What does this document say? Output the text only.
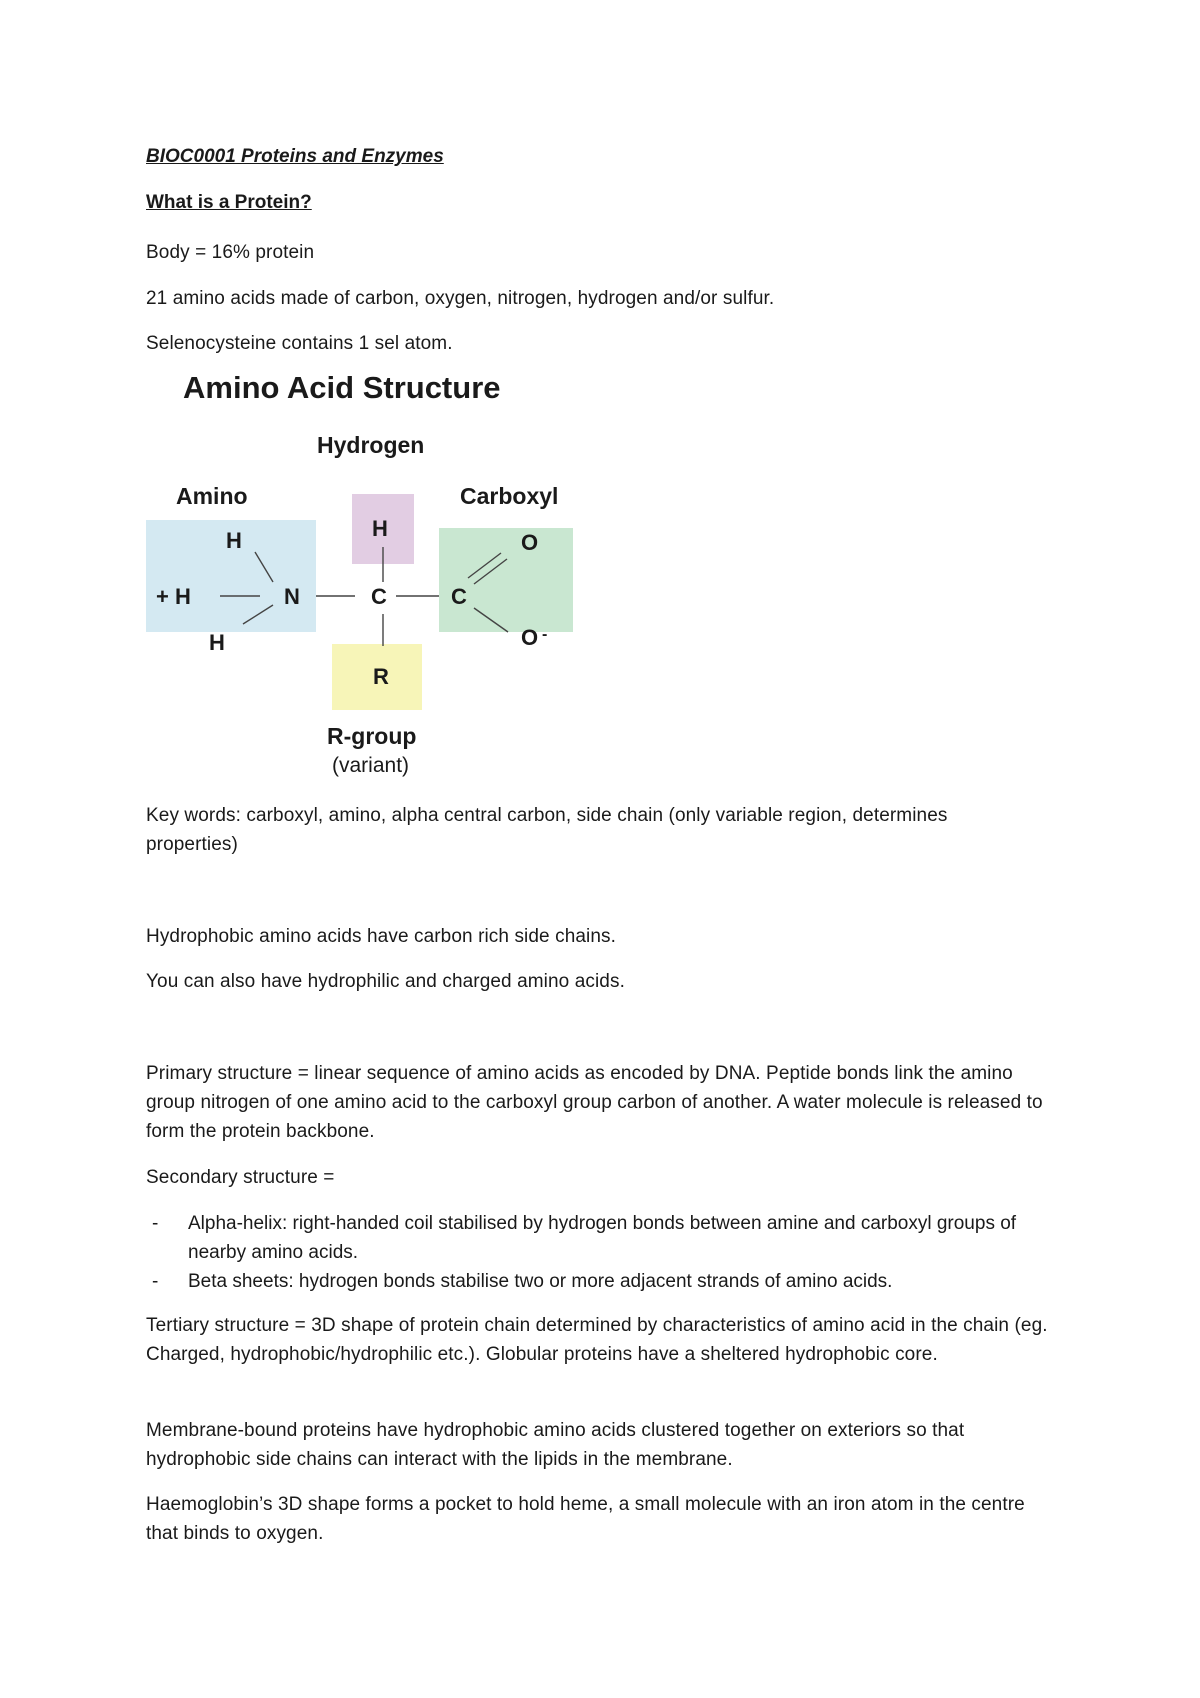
BIOC0001 Proteins and Enzymes
What is a Protein?

Body = 16% protein

21 amino acids made of carbon, oxygen, nitrogen, hydrogen and/or sulfur.

Selenocysteine contains 1 sel atom.

Amino Acid Structure
Hydrogen
Amino	Carboxyl
+ H
H
H
N	C
H
R
C
O
O -
R-group
(variant)

Key words: carboxyl, amino, alpha central carbon, side chain (only variable region, determines properties)

Hydrophobic amino acids have carbon rich side chains.

You can also have hydrophilic and charged amino acids.

Primary structure = linear sequence of amino acids as encoded by DNA. Peptide bonds link the amino group nitrogen of one amino acid to the carboxyl group carbon of another. A water molecule is released to form the protein backbone.

Secondary structure =

- Alpha-helix: right-handed coil stabilised by hydrogen bonds between amine and carboxyl groups of nearby amino acids.
- Beta sheets: hydrogen bonds stabilise two or more adjacent strands of amino acids.

Tertiary structure = 3D shape of protein chain determined by characteristics of amino acid in the chain (eg. Charged, hydrophobic/hydrophilic etc.). Globular proteins have a sheltered hydrophobic core.

Membrane-bound proteins have hydrophobic amino acids clustered together on exteriors so that hydrophobic side chains can interact with the lipids in the membrane.

Haemoglobin’s 3D shape forms a pocket to hold heme, a small molecule with an iron atom in the centre that binds to oxygen.
